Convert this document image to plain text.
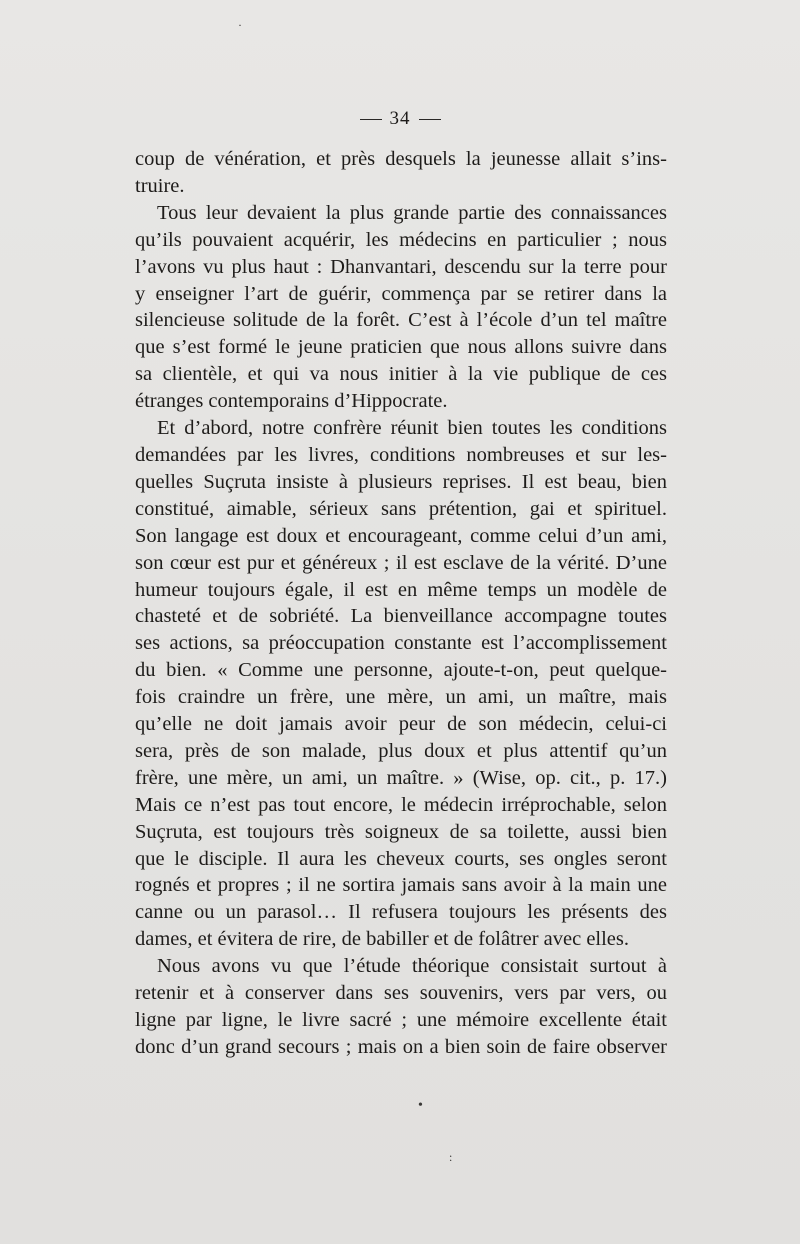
34
coup de vénération, et près desquels la jeunesse allait s’ins-
truire.
Tous leur devaient la plus grande partie des connaissances
qu’ils pouvaient acquérir, les médecins en particulier ; nous
l’avons vu plus haut : Dhanvantari, descendu sur la terre pour
y enseigner l’art de guérir, commença par se retirer dans la
silencieuse solitude de la forêt. C’est à l’école d’un tel maître
que s’est formé le jeune praticien que nous allons suivre dans
sa clientèle, et qui va nous initier à la vie publique de ces
étranges contemporains d’Hippocrate.
Et d’abord, notre confrère réunit bien toutes les conditions
demandées par les livres, conditions nombreuses et sur les-
quelles Suçruta insiste à plusieurs reprises. Il est beau, bien
constitué, aimable, sérieux sans prétention, gai et spirituel.
Son langage est doux et encourageant, comme celui d’un ami,
son cœur est pur et généreux ; il est esclave de la vérité. D’une
humeur toujours égale, il est en même temps un modèle de
chasteté et de sobriété. La bienveillance accompagne toutes
ses actions, sa préoccupation constante est l’accomplissement
du bien. « Comme une personne, ajoute-t-on, peut quelque-
fois craindre un frère, une mère, un ami, un maître, mais
qu’elle ne doit jamais avoir peur de son médecin, celui-ci
sera, près de son malade, plus doux et plus attentif qu’un
frère, une mère, un ami, un maître. » (Wise, op. cit., p. 17.)
Mais ce n’est pas tout encore, le médecin irréprochable, selon
Suçruta, est toujours très soigneux de sa toilette, aussi bien
que le disciple. Il aura les cheveux courts, ses ongles seront
rognés et propres ; il ne sortira jamais sans avoir à la main une
canne ou un parasol… Il refusera toujours les présents des
dames, et évitera de rire, de babiller et de folâtrer avec elles.
Nous avons vu que l’étude théorique consistait surtout à
retenir et à conserver dans ses souvenirs, vers par vers, ou
ligne par ligne, le livre sacré ; une mémoire excellente était
donc d’un grand secours ; mais on a bien soin de faire observer
·
•
:
